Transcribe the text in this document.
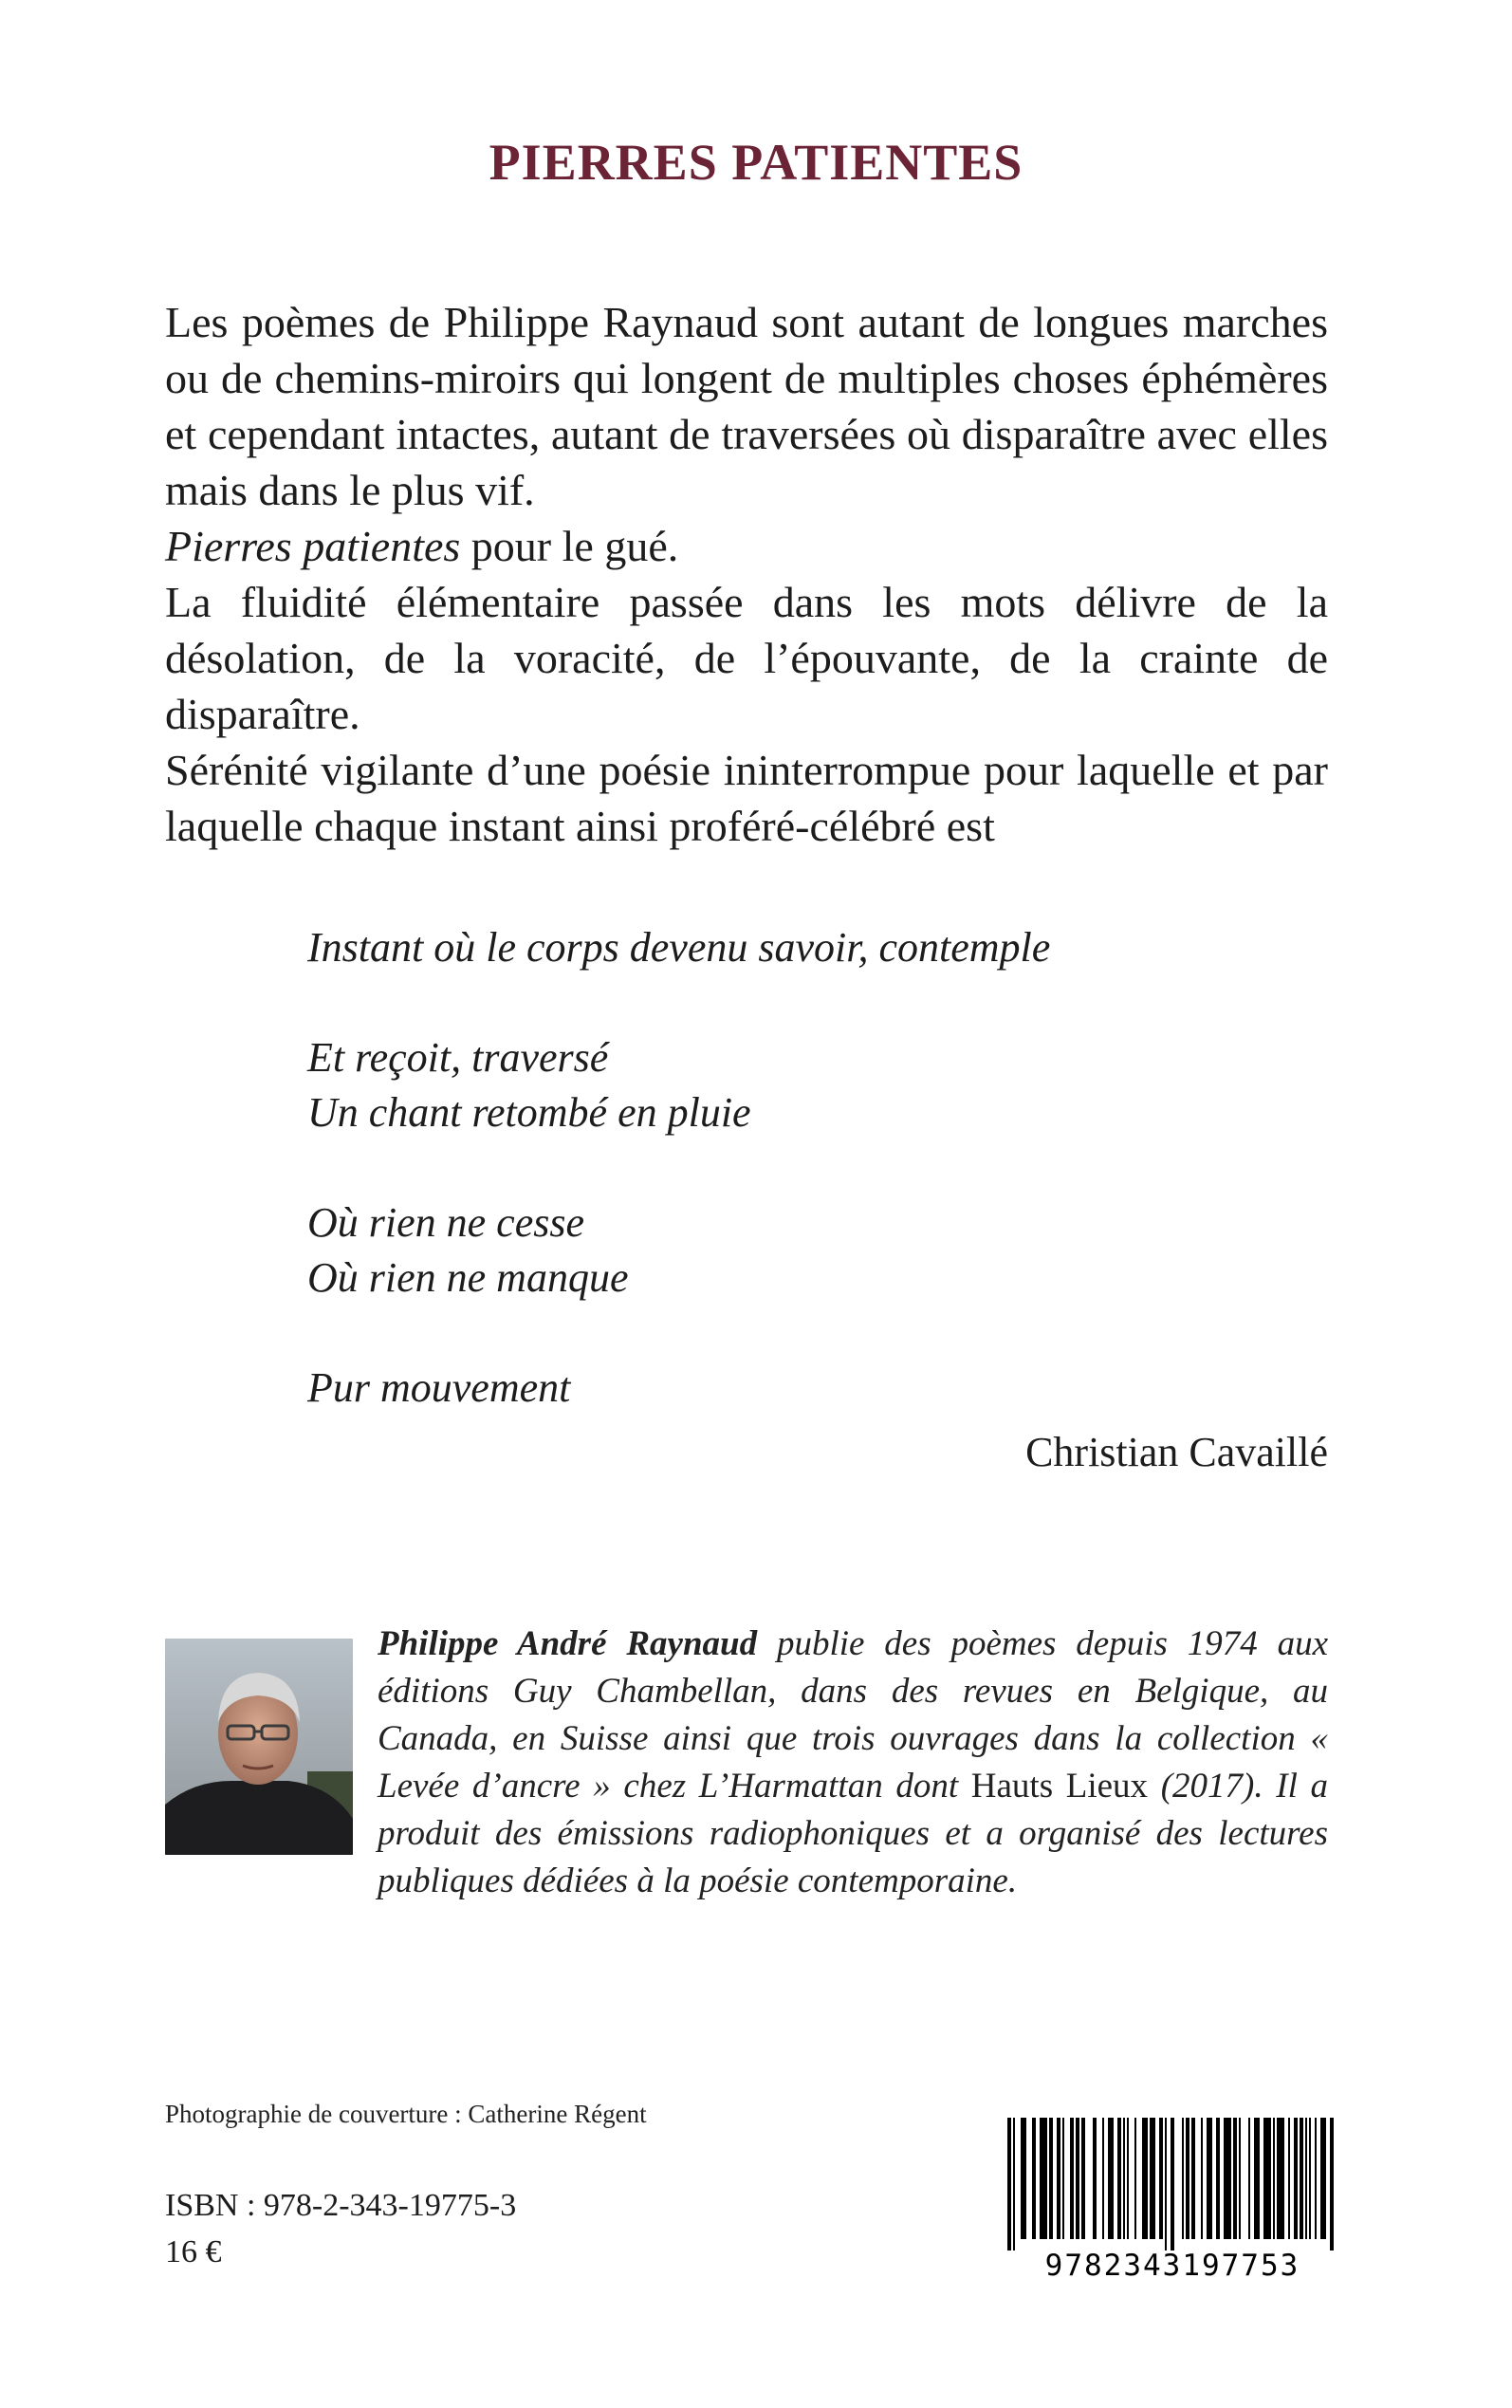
PIERRES PATIENTES

Les poèmes de Philippe Raynaud sont autant de longues marches ou de chemins-miroirs qui longent de multiples choses éphémères et cependant intactes, autant de traversées où disparaître avec elles mais dans le plus vif.

Pierres patientes pour le gué.

La fluidité élémentaire passée dans les mots délivre de la désolation, de la voracité, de l’épouvante, de la crainte de disparaître.

Sérénité vigilante d’une poésie ininterrompue pour laquelle et par laquelle chaque instant ainsi proféré-célébré est

Instant où le corps devenu savoir, contemple

Et reçoit, traversé

Un chant retombé en pluie

Où rien ne cesse

Où rien ne manque

Pur mouvement

Christian Cavaillé

Philippe André Raynaud publie des poèmes depuis 1974 aux éditions Guy Chambellan, dans des revues en Belgique, au Canada, en Suisse ainsi que trois ouvrages dans la collection « Levée d’ancre » chez L’Harmattan dont Hauts Lieux (2017). Il a produit des émissions radiophoniques et a organisé des lectures publiques dédiées à la poésie contemporaine.

Photographie de couverture : Catherine Régent

ISBN : 978-2-343-19775-3

16 €	9782343197753
